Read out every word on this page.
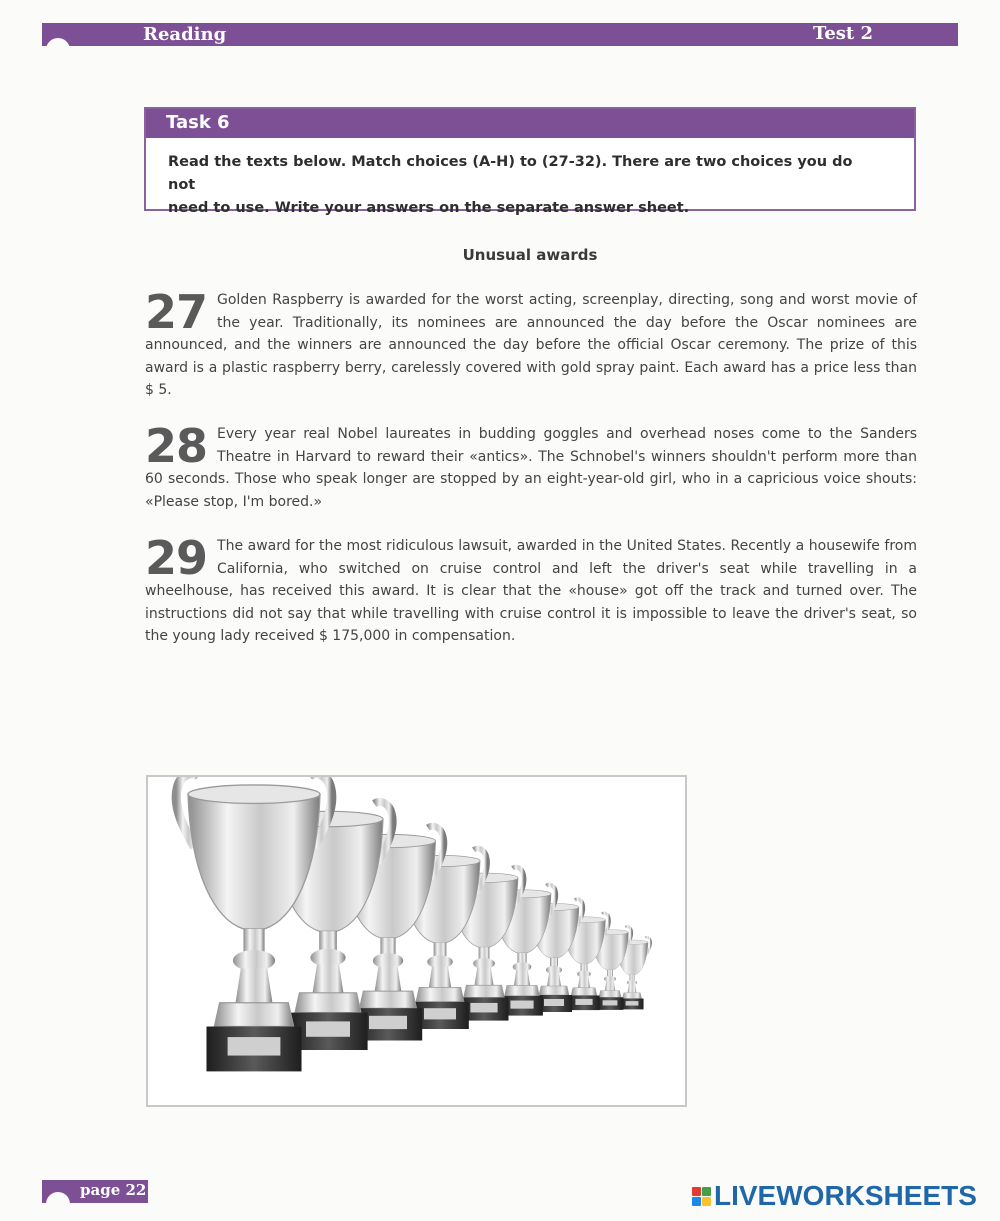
Reading	Test 2
Task 6
Read the texts below. Match choices (A-H) to (27-32). There are two choices you do not
need to use. Write your answers on the separate answer sheet.
Unusual awards
27 Golden Raspberry is awarded for the worst acting, screenplay, directing, song and worst movie of the year. Traditionally, its nominees are announced the day before the Oscar nominees are announced, and the winners are announced the day before the official Oscar ceremony. The prize of this award is a plastic raspberry berry, carelessly covered with gold spray paint. Each award has a price less than $ 5.
28 Every year real Nobel laureates in budding goggles and overhead noses come to the Sanders Theatre in Harvard to reward their «antics». The Schnobel's winners shouldn't perform more than 60 seconds. Those who speak longer are stopped by an eight-year-old girl, who in a capricious voice shouts: «Please stop, I'm bored.»
29 The award for the most ridiculous lawsuit, awarded in the United States. Recently a housewife from California, who switched on cruise control and left the driver's seat while travelling in a wheelhouse, has received this award. It is clear that the «house» got off the track and turned over. The instructions did not say that while travelling with cruise control it is impossible to leave the driver's seat, so the young lady received $ 175,000 in compensation.
page 22	LIVEWORKSHEETS
